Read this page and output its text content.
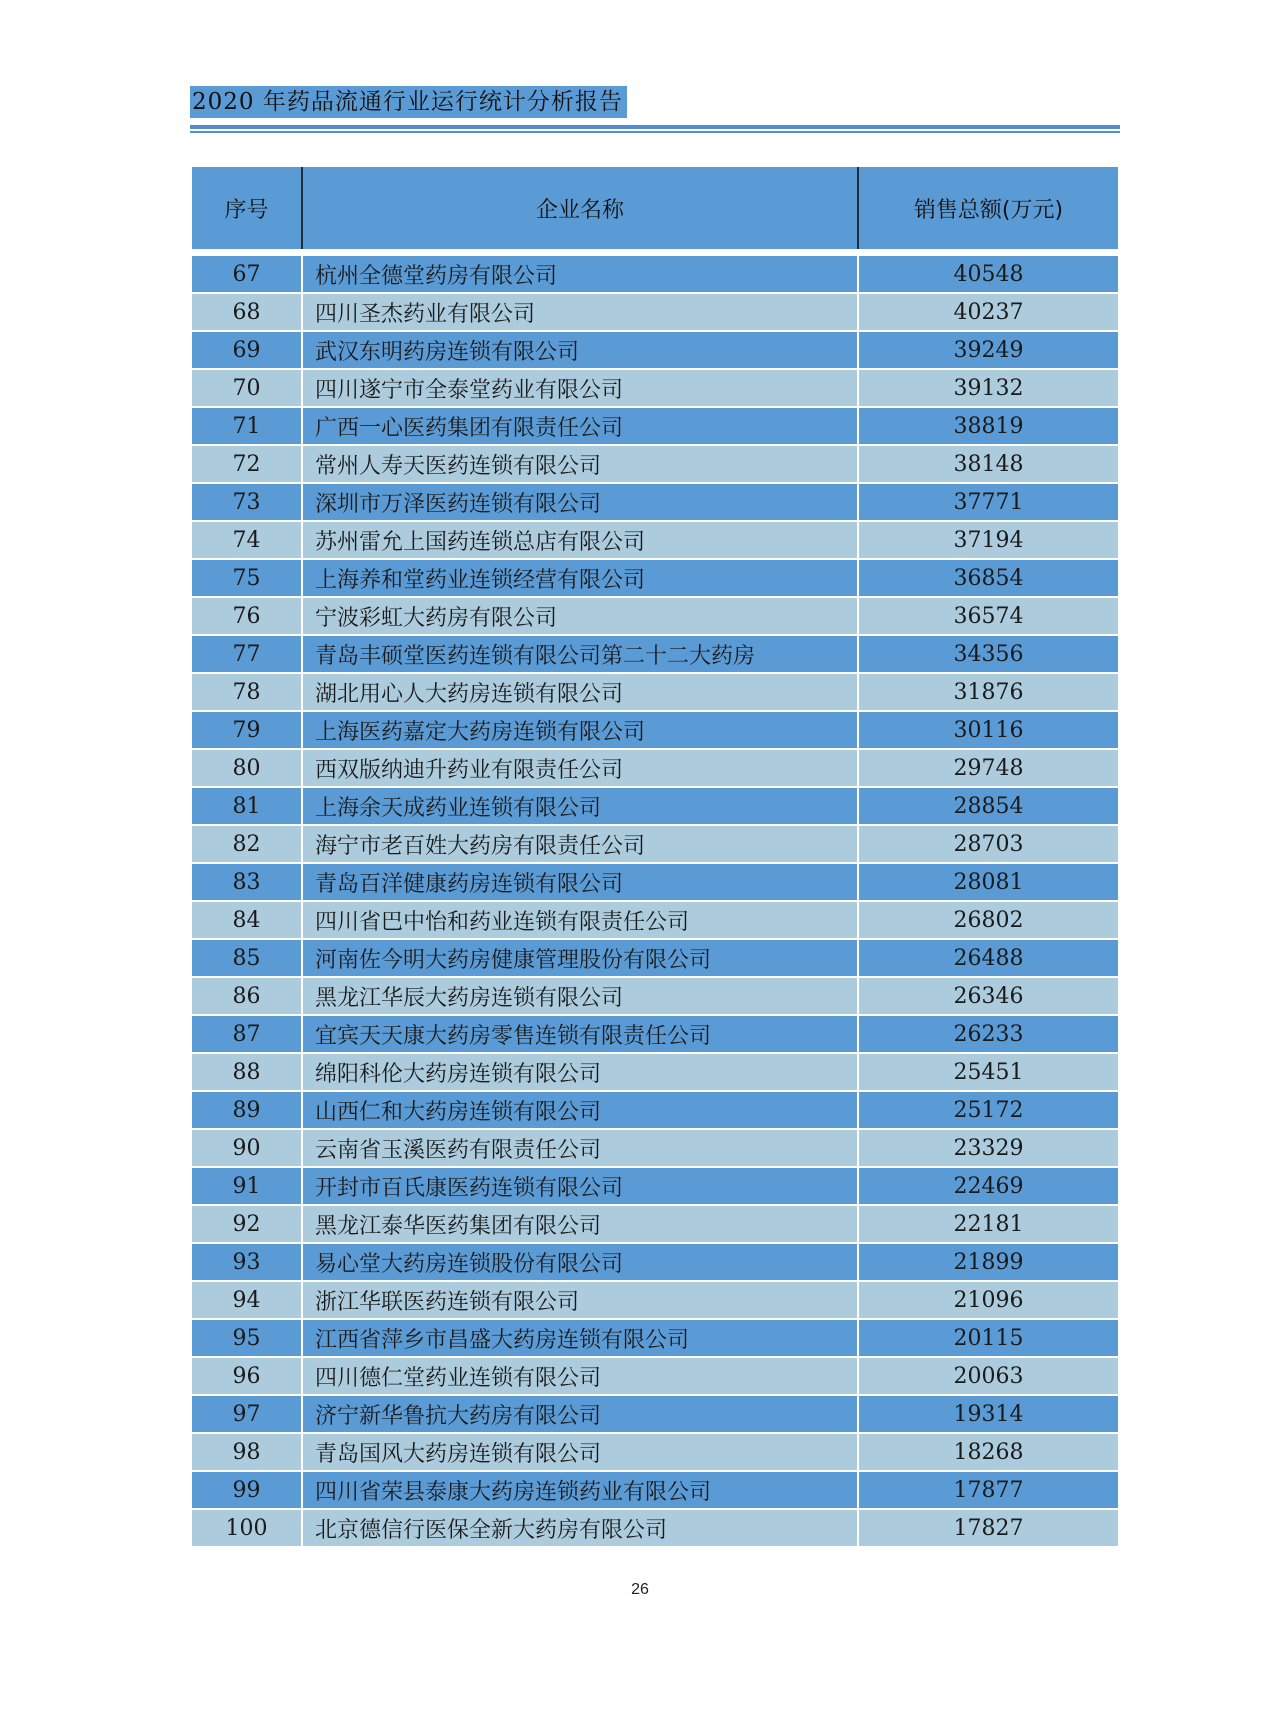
2020 年药品流通行业运行统计分析报告
序号	企业名称	销售总额(万元)
67	杭州全德堂药房有限公司	40548
68	四川圣杰药业有限公司	40237
69	武汉东明药房连锁有限公司	39249
70	四川遂宁市全泰堂药业有限公司	39132
71	广西一心医药集团有限责任公司	38819
72	常州人寿天医药连锁有限公司	38148
73	深圳市万泽医药连锁有限公司	37771
74	苏州雷允上国药连锁总店有限公司	37194
75	上海养和堂药业连锁经营有限公司	36854
76	宁波彩虹大药房有限公司	36574
77	青岛丰硕堂医药连锁有限公司第二十二大药房	34356
78	湖北用心人大药房连锁有限公司	31876
79	上海医药嘉定大药房连锁有限公司	30116
80	西双版纳迪升药业有限责任公司	29748
81	上海余天成药业连锁有限公司	28854
82	海宁市老百姓大药房有限责任公司	28703
83	青岛百洋健康药房连锁有限公司	28081
84	四川省巴中怡和药业连锁有限责任公司	26802
85	河南佐今明大药房健康管理股份有限公司	26488
86	黑龙江华辰大药房连锁有限公司	26346
87	宜宾天天康大药房零售连锁有限责任公司	26233
88	绵阳科伦大药房连锁有限公司	25451
89	山西仁和大药房连锁有限公司	25172
90	云南省玉溪医药有限责任公司	23329
91	开封市百氏康医药连锁有限公司	22469
92	黑龙江泰华医药集团有限公司	22181
93	易心堂大药房连锁股份有限公司	21899
94	浙江华联医药连锁有限公司	21096
95	江西省萍乡市昌盛大药房连锁有限公司	20115
96	四川德仁堂药业连锁有限公司	20063
97	济宁新华鲁抗大药房有限公司	19314
98	青岛国风大药房连锁有限公司	18268
99	四川省荣县泰康大药房连锁药业有限公司	17877
100	北京德信行医保全新大药房有限公司	17827
26
